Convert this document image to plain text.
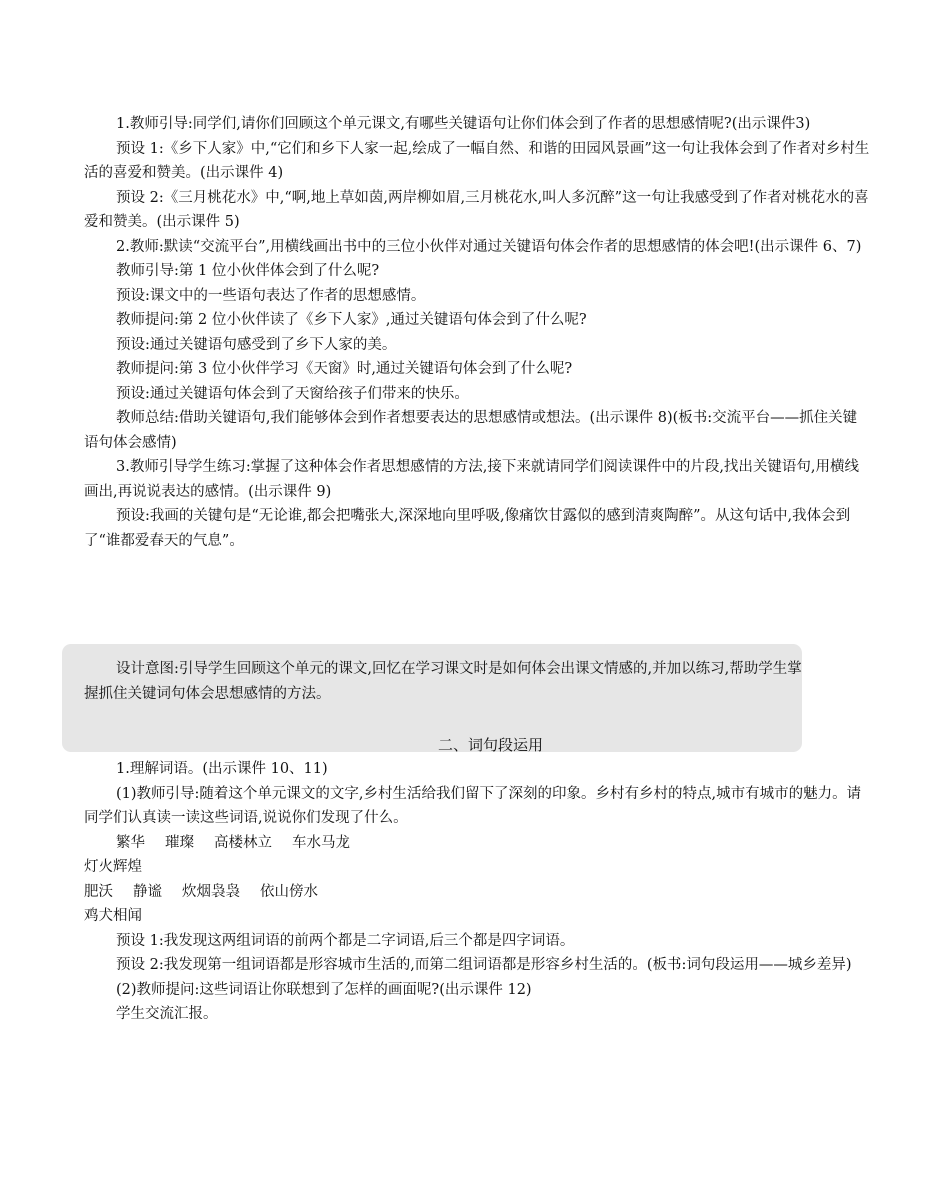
1.教师引导:同学们,请你们回顾这个单元课文,有哪些关键语句让你们体会到了作者的思想感情呢?(出示课件3)

预设 1:《乡下人家》中,“它们和乡下人家一起,绘成了一幅自然、和谐的田园风景画”这一句让我体会到了作者对乡村生活的喜爱和赞美。(出示课件 4)

预设 2:《三月桃花水》中,“啊,地上草如茵,两岸柳如眉,三月桃花水,叫人多沉醉”这一句让我感受到了作者对桃花水的喜爱和赞美。(出示课件 5)

2.教师:默读“交流平台”,用横线画出书中的三位小伙伴对通过关键语句体会作者的思想感情的体会吧!(出示课件 6、7)

教师引导:第 1 位小伙伴体会到了什么呢?

预设:课文中的一些语句表达了作者的思想感情。

教师提问:第 2 位小伙伴读了《乡下人家》,通过关键语句体会到了什么呢?

预设:通过关键语句感受到了乡下人家的美。

教师提问:第 3 位小伙伴学习《天窗》时,通过关键语句体会到了什么呢?

预设:通过关键语句体会到了天窗给孩子们带来的快乐。

教师总结:借助关键语句,我们能够体会到作者想要表达的思想感情或想法。(出示课件 8)(板书:交流平台——抓住关键语句体会感情)

3.教师引导学生练习:掌握了这种体会作者思想感情的方法,接下来就请同学们阅读课件中的片段,找出关键语句,用横线画出,再说说表达的感情。(出示课件 9)

预设:我画的关键句是“无论谁,都会把嘴张大,深深地向里呼吸,像痛饮甘露似的感到清爽陶醉”。从这句话中,我体会到了“谁都爱春天的气息”。

设计意图:引导学生回顾这个单元的课文,回忆在学习课文时是如何体会出课文情感的,并加以练习,帮助学生掌握抓住关键词句体会思想感情的方法。

二、词句段运用

1.理解词语。(出示课件 10、11)

(1)教师引导:随着这个单元课文的文字,乡村生活给我们留下了深刻的印象。乡村有乡村的特点,城市有城市的魅力。请同学们认真读一读这些词语,说说你们发现了什么。

繁华 璀璨 高楼林立 车水马龙

灯火辉煌

肥沃 静谧 炊烟袅袅 依山傍水

鸡犬相闻

预设 1:我发现这两组词语的前两个都是二字词语,后三个都是四字词语。

预设 2:我发现第一组词语都是形容城市生活的,而第二组词语都是形容乡村生活的。(板书:词句段运用——城乡差异)

(2)教师提问:这些词语让你联想到了怎样的画面呢?(出示课件 12)

学生交流汇报。
